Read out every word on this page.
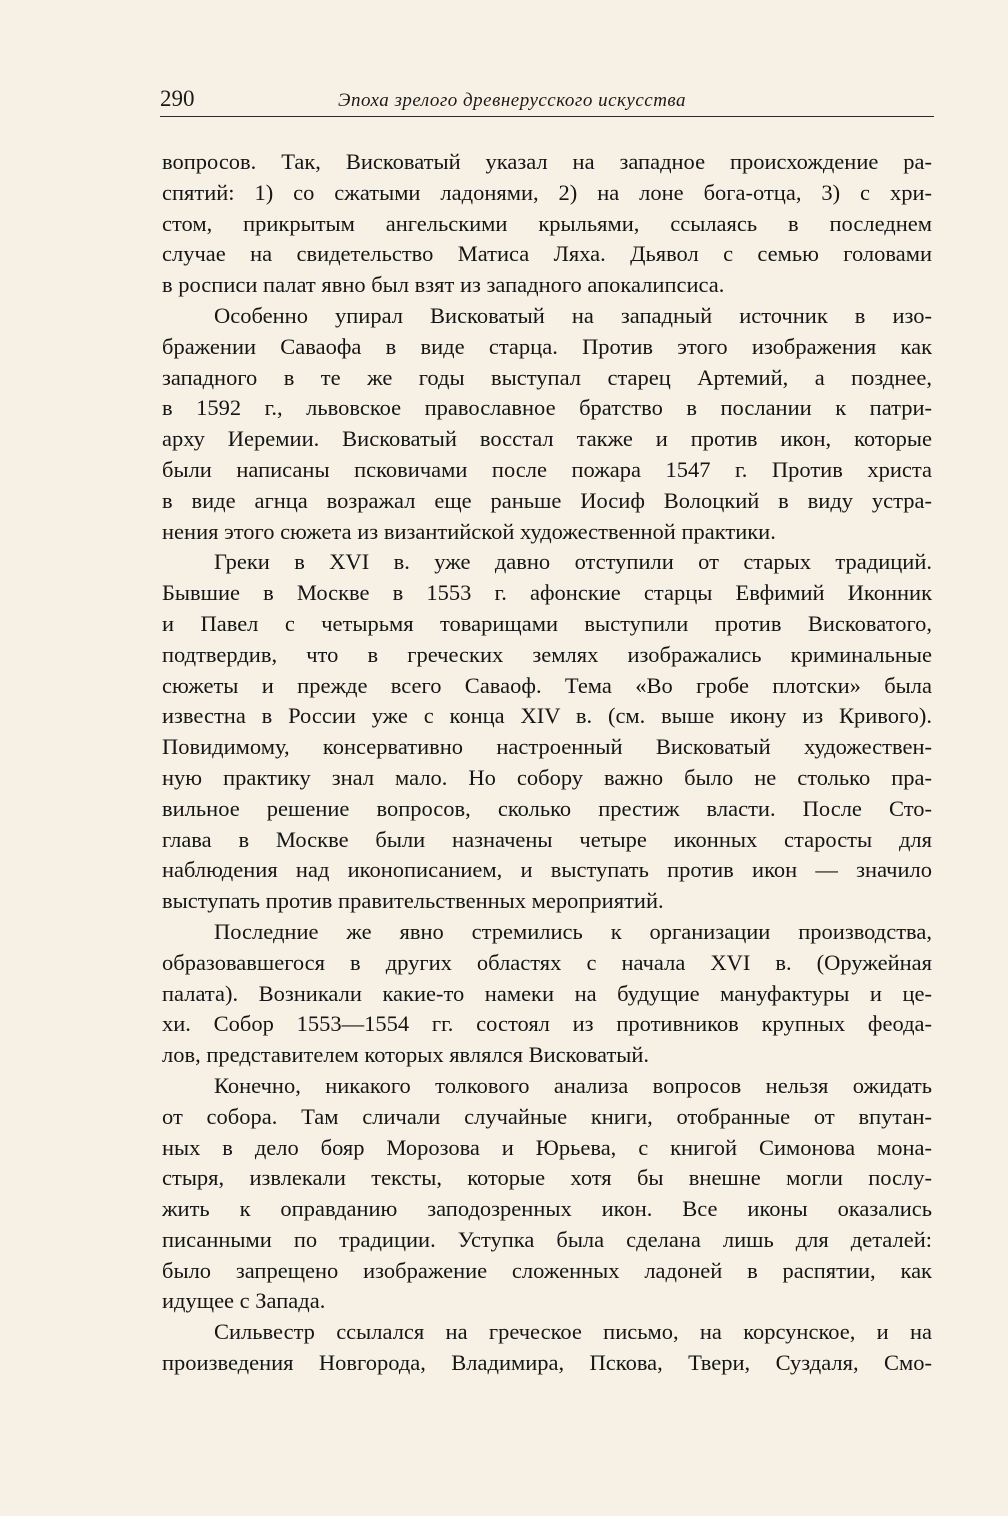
290	Эпоха зрелого древнерусского искусства
вопросов. Так, Висковатый указал на западное происхождение ра-
спятий: 1) со сжатыми ладонями, 2) на лоне бога-отца, 3) с хри-
стом, прикрытым ангельскими крыльями, ссылаясь в последнем
случае на свидетельство Матиса Ляха. Дьявол с семью головами
в росписи палат явно был взят из западного апокалипсиса.
Особенно упирал Висковатый на западный источник в изо-
бражении Саваофа в виде старца. Против этого изображения как
западного в те же годы выступал старец Артемий, а позднее,
в 1592 г., львовское православное братство в послании к патри-
арху Иеремии. Висковатый восстал также и против икон, которые
были написаны псковичами после пожара 1547 г. Против христа
в виде агнца возражал еще раньше Иосиф Волоцкий в виду устра-
нения этого сюжета из византийской художественной практики.
Греки в XVI в. уже давно отступили от старых традиций.
Бывшие в Москве в 1553 г. афонские старцы Евфимий Иконник
и Павел с четырьмя товарищами выступили против Висковатого,
подтвердив, что в греческих землях изображались криминальные
сюжеты и прежде всего Саваоф. Тема «Во гробе плотски» была
известна в России уже с конца XIV в. (см. выше икону из Кривого).
Повидимому, консервативно настроенный Висковатый художествен-
ную практику знал мало. Но собору важно было не столько пра-
вильное решение вопросов, сколько престиж власти. После Сто-
глава в Москве были назначены четыре иконных старосты для
наблюдения над иконописанием, и выступать против икон — значило
выступать против правительственных мероприятий.
Последние же явно стремились к организации производства,
образовавшегося в других областях с начала XVI в. (Оружейная
палата). Возникали какие-то намеки на будущие мануфактуры и це-
хи. Собор 1553—1554 гг. состоял из противников крупных феода-
лов, представителем которых являлся Висковатый.
Конечно, никакого толкового анализа вопросов нельзя ожидать
от собора. Там сличали случайные книги, отобранные от впутан-
ных в дело бояр Морозова и Юрьева, с книгой Симонова мона-
стыря, извлекали тексты, которые хотя бы внешне могли послу-
жить к оправданию заподозренных икон. Все иконы оказались
писанными по традиции. Уступка была сделана лишь для деталей:
было запрещено изображение сложенных ладоней в распятии, как
идущее с Запада.
Сильвестр ссылался на греческое письмо, на корсунское, и на
произведения Новгорода, Владимира, Пскова, Твери, Суздаля, Смо-
